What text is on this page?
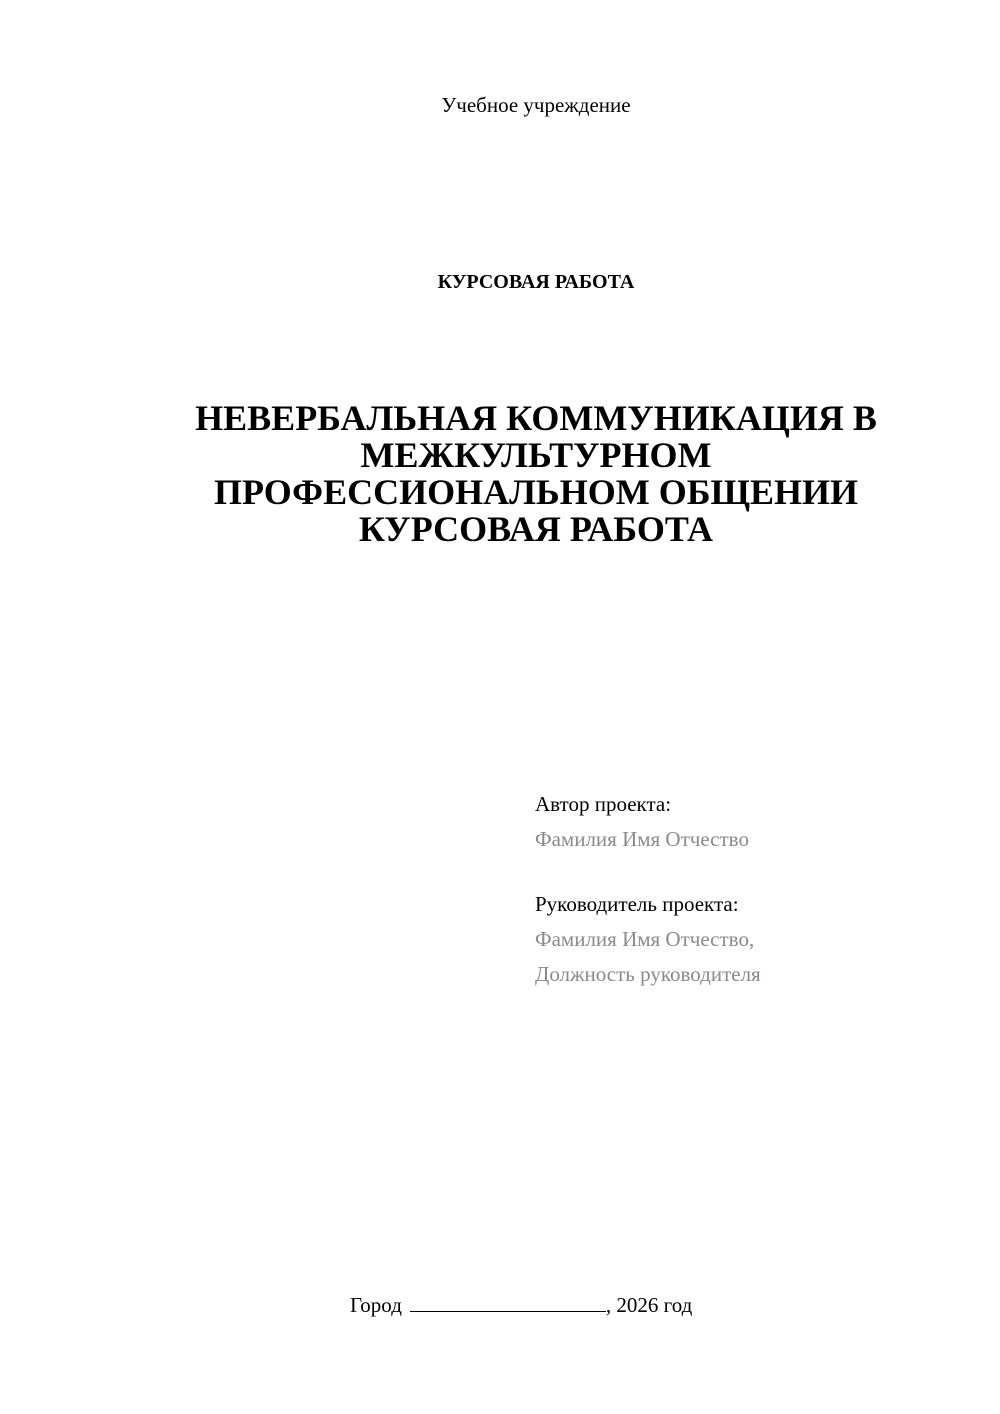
Учебное учреждение
КУРСОВАЯ РАБОТА
НЕВЕРБАЛЬНАЯ КОММУНИКАЦИЯ В
МЕЖКУЛЬТУРНОМ
ПРОФЕССИОНАЛЬНОМ ОБЩЕНИИ
КУРСОВАЯ РАБОТА
Автор проекта:
Фамилия Имя Отчество
Руководитель проекта:
Фамилия Имя Отчество,
Должность руководителя
Город	, 2026 год
